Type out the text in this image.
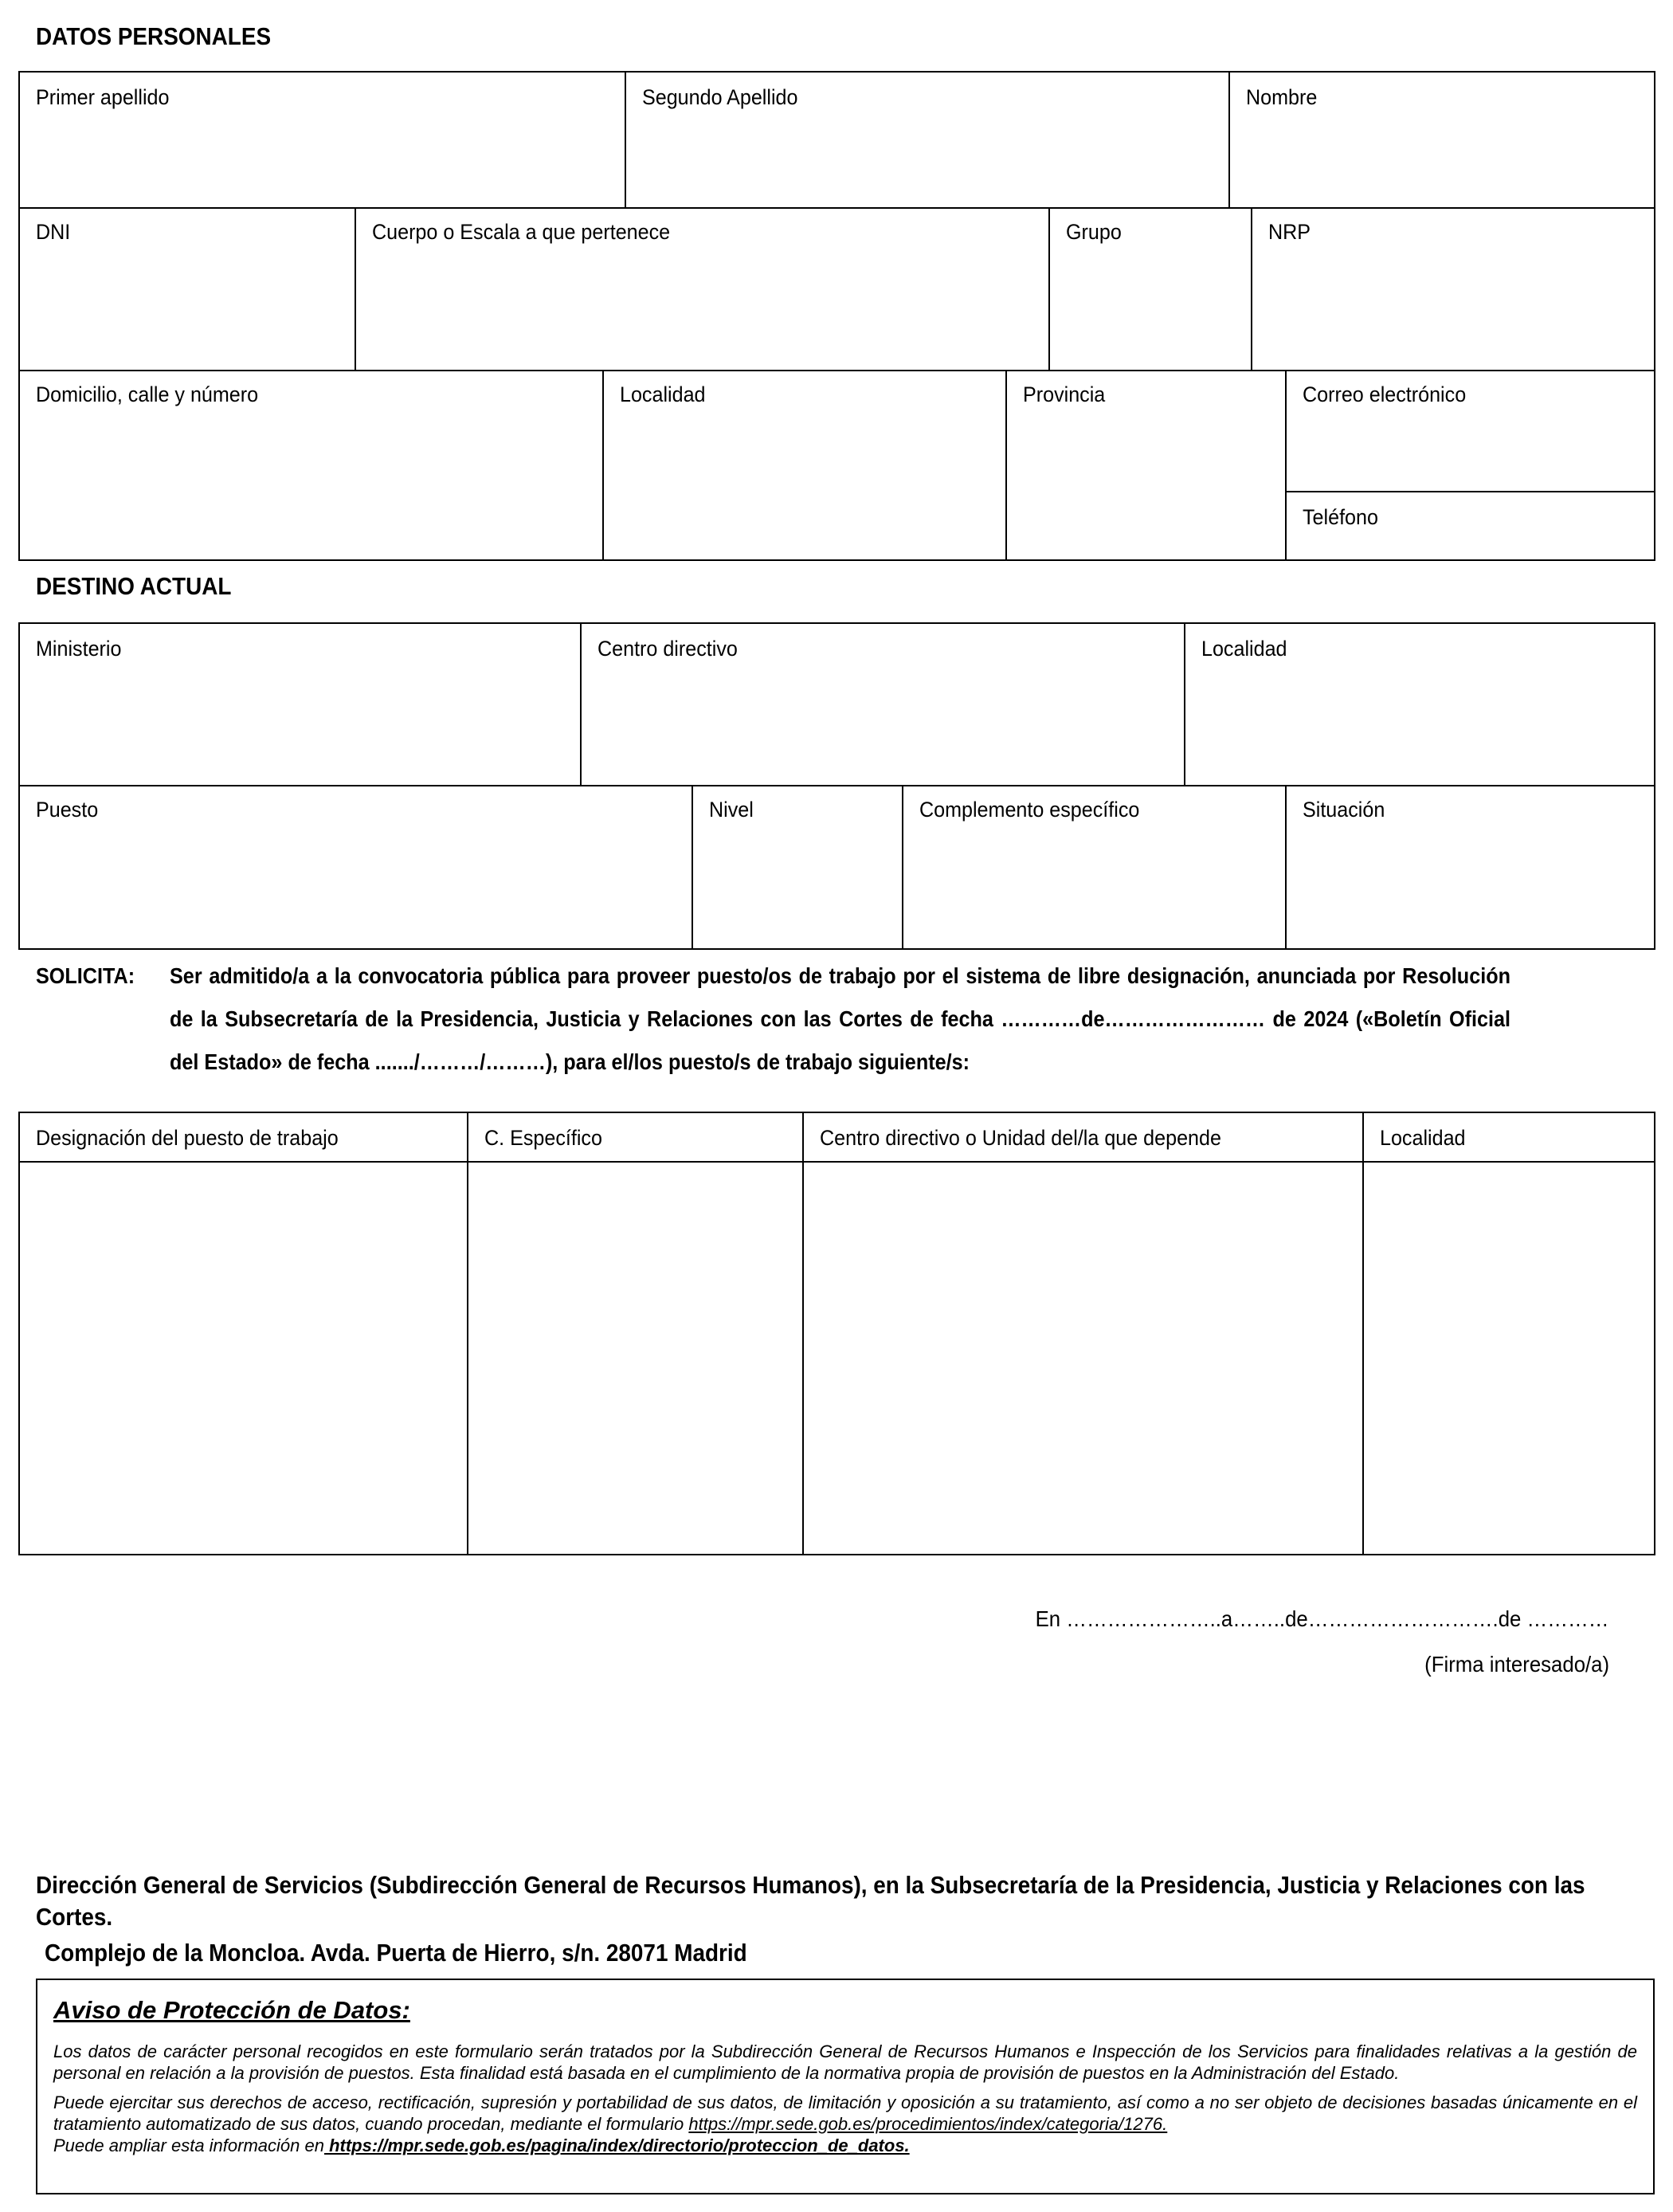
DATOS PERSONALES
Primer apellido	Segundo Apellido	Nombre
DNI	Cuerpo o Escala a que pertenece	Grupo	NRP
Domicilio, calle y número	Localidad	Provincia	Correo electrónico
Teléfono
DESTINO ACTUAL
Ministerio	Centro directivo	Localidad
Puesto	Nivel	Complemento específico	Situación
SOLICITA: Ser admitido/a a la convocatoria pública para proveer puesto/os de trabajo por el sistema de libre designación, anunciada por Resolución de la Subsecretaría de la Presidencia, Justicia y Relaciones con las Cortes de fecha …………de…………………… de 2024 («Boletín Oficial del Estado» de fecha ......./………/………), para el/los puesto/s de trabajo siguiente/s:
Designación del puesto de trabajo	C. Específico	Centro directivo o Unidad del/la que depende	Localidad
En …………………..a……..de……………………….de …………
(Firma interesado/a)
Dirección General de Servicios (Subdirección General de Recursos Humanos), en la Subsecretaría de la Presidencia, Justicia y Relaciones con las Cortes.
Complejo de la Moncloa. Avda. Puerta de Hierro, s/n. 28071 Madrid
Aviso de Protección de Datos:

Los datos de carácter personal recogidos en este formulario serán tratados por la Subdirección General de Recursos Humanos e Inspección de los Servicios para finalidades relativas a la gestión de personal en relación a la provisión de puestos. Esta finalidad está basada en el cumplimiento de la normativa propia de provisión de puestos en la Administración del Estado.

Puede ejercitar sus derechos de acceso, rectificación, supresión y portabilidad de sus datos, de limitación y oposición a su tratamiento, así como a no ser objeto de decisiones basadas únicamente en el tratamiento automatizado de sus datos, cuando procedan, mediante el formulario https://mpr.sede.gob.es/procedimientos/index/categoria/1276.
Puede ampliar esta información en https://mpr.sede.gob.es/pagina/index/directorio/proteccion_de_datos.
